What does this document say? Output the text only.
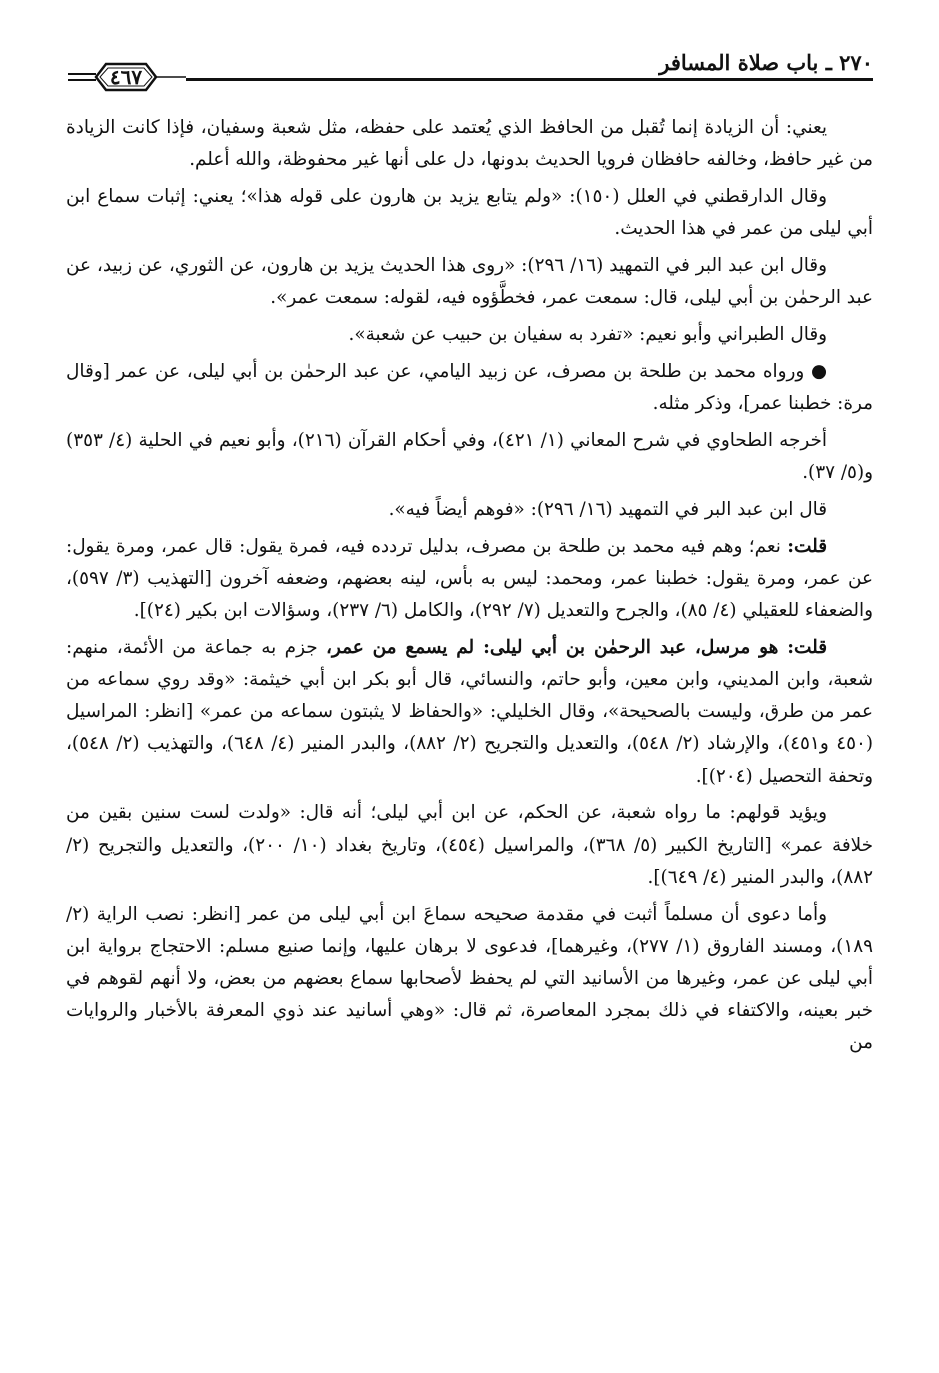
٢٧٠ ـ باب صلاة المسافر
٤٦٧

يعني: أن الزيادة إنما تُقبل من الحافظ الذي يُعتمد على حفظه، مثل شعبة وسفيان، فإذا كانت الزيادة من غير حافظ، وخالفه حافظان فرويا الحديث بدونها، دل على أنها غير محفوظة، والله أعلم.

وقال الدارقطني في العلل (١٥٠): «ولم يتابع يزيد بن هارون على قوله هذا»؛ يعني: إثبات سماع ابن أبي ليلى من عمر في هذا الحديث.

وقال ابن عبد البر في التمهيد (١٦/ ٢٩٦): «روى هذا الحديث يزيد بن هارون، عن الثوري، عن زبيد، عن عبد الرحمٰن بن أبي ليلى، قال: سمعت عمر، فخطَّؤوه فيه، لقوله: سمعت عمر».

وقال الطبراني وأبو نعيم: «تفرد به سفيان بن حبيب عن شعبة».

● ورواه محمد بن طلحة بن مصرف، عن زبيد اليامي، عن عبد الرحمٰن بن أبي ليلى، عن عمر [وقال مرة: خطبنا عمر]، وذكر مثله.

أخرجه الطحاوي في شرح المعاني (١/ ٤٢١)، وفي أحكام القرآن (٢١٦)، وأبو نعيم في الحلية (٤/ ٣٥٣) و(٥/ ٣٧).

قال ابن عبد البر في التمهيد (١٦/ ٢٩٦): «فوهم أيضاً فيه».

قلت: نعم؛ وهم فيه محمد بن طلحة بن مصرف، بدليل تردده فيه، فمرة يقول: قال عمر، ومرة يقول: عن عمر، ومرة يقول: خطبنا عمر، ومحمد: ليس به بأس، لينه بعضهم، وضعفه آخرون [التهذيب (٣/ ٥٩٧)، والضعفاء للعقيلي (٤/ ٨٥)، والجرح والتعديل (٧/ ٢٩٢)، والكامل (٦/ ٢٣٧)، وسؤالات ابن بكير (٢٤)].

قلت: هو مرسل، عبد الرحمٰن بن أبي ليلى: لم يسمع من عمر، جزم به جماعة من الأئمة، منهم: شعبة، وابن المديني، وابن معين، وأبو حاتم، والنسائي، قال أبو بكر ابن أبي خيثمة: «وقد روي سماعه من عمر من طرق، وليست بالصحيحة»، وقال الخليلي: «والحفاظ لا يثبتون سماعه من عمر» [انظر: المراسيل (٤٥٠ و٤٥١)، والإرشاد (٢/ ٥٤٨)، والتعديل والتجريح (٢/ ٨٨٢)، والبدر المنير (٤/ ٦٤٨)، والتهذيب (٢/ ٥٤٨)، وتحفة التحصيل (٢٠٤)].

ويؤيد قولهم: ما رواه شعبة، عن الحكم، عن ابن أبي ليلى؛ أنه قال: «ولدت لست سنين بقين من خلافة عمر» [التاريخ الكبير (٥/ ٣٦٨)، والمراسيل (٤٥٤)، وتاريخ بغداد (١٠/ ٢٠٠)، والتعديل والتجريح (٢/ ٨٨٢)، والبدر المنير (٤/ ٦٤٩)].

وأما دعوى أن مسلماً أثبت في مقدمة صحيحه سماعَ ابن أبي ليلى من عمر [انظر: نصب الراية (٢/ ١٨٩)، ومسند الفاروق (١/ ٢٧٧)، وغيرهما]، فدعوى لا برهان عليها، وإنما صنيع مسلم: الاحتجاج برواية ابن أبي ليلى عن عمر، وغيرها من الأسانيد التي لم يحفظ لأصحابها سماع بعضهم من بعض، ولا أنهم لقوهم في خبر بعينه، والاكتفاء في ذلك بمجرد المعاصرة، ثم قال: «وهي أسانيد عند ذوي المعرفة بالأخبار والروايات من
